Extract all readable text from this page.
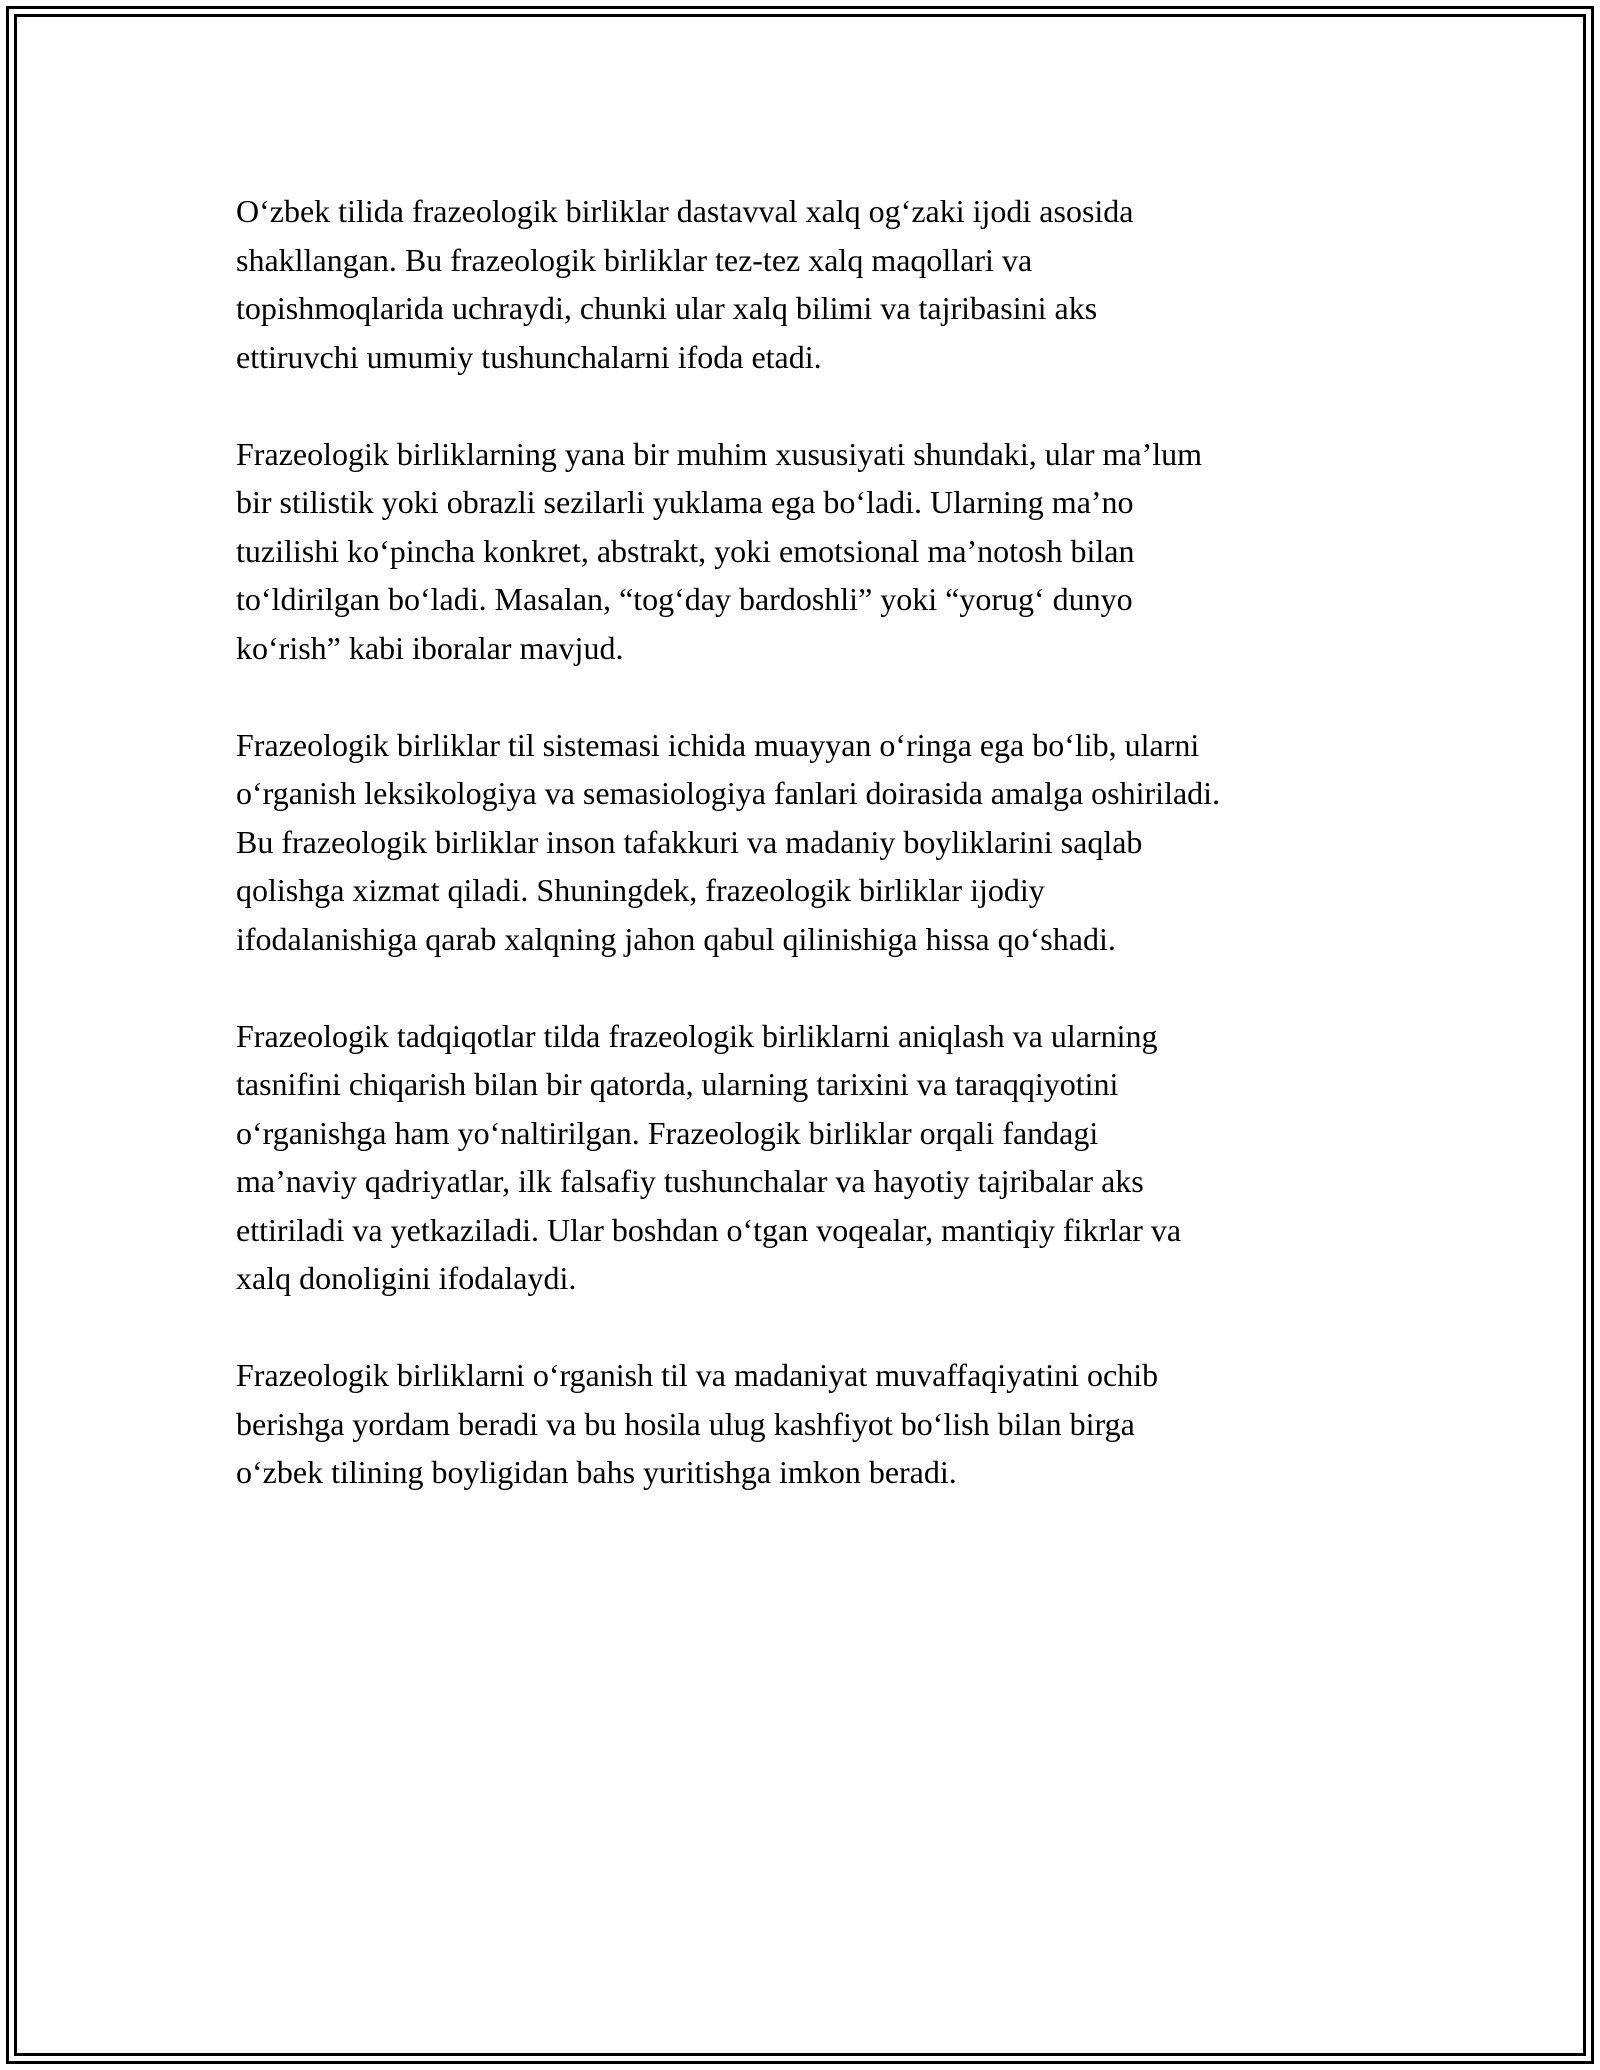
O‘zbek tilida frazeologik birliklar dastavval xalq og‘zaki ijodi asosida
shakllangan. Bu frazeologik birliklar tez-tez xalq maqollari va
topishmoqlarida uchraydi, chunki ular xalq bilimi va tajribasini aks
ettiruvchi umumiy tushunchalarni ifoda etadi.

Frazeologik birliklarning yana bir muhim xususiyati shundaki, ular ma’lum
bir stilistik yoki obrazli sezilarli yuklama ega bo‘ladi. Ularning ma’no
tuzilishi ko‘pincha konkret, abstrakt, yoki emotsional ma’notosh bilan
to‘ldirilgan bo‘ladi. Masalan, “tog‘day bardoshli” yoki “yorug‘ dunyo
ko‘rish” kabi iboralar mavjud.

Frazeologik birliklar til sistemasi ichida muayyan o‘ringa ega bo‘lib, ularni
o‘rganish leksikologiya va semasiologiya fanlari doirasida amalga oshiriladi.
Bu frazeologik birliklar inson tafakkuri va madaniy boyliklarini saqlab
qolishga xizmat qiladi. Shuningdek, frazeologik birliklar ijodiy
ifodalanishiga qarab xalqning jahon qabul qilinishiga hissa qo‘shadi.

Frazeologik tadqiqotlar tilda frazeologik birliklarni aniqlash va ularning
tasnifini chiqarish bilan bir qatorda, ularning tarixini va taraqqiyotini
o‘rganishga ham yo‘naltirilgan. Frazeologik birliklar orqali fandagi
ma’naviy qadriyatlar, ilk falsafiy tushunchalar va hayotiy tajribalar aks
ettiriladi va yetkaziladi. Ular boshdan o‘tgan voqealar, mantiqiy fikrlar va
xalq donoligini ifodalaydi.

Frazeologik birliklarni o‘rganish til va madaniyat muvaffaqiyatini ochib
berishga yordam beradi va bu hosila ulug kashfiyot bo‘lish bilan birga
o‘zbek tilining boyligidan bahs yuritishga imkon beradi.
